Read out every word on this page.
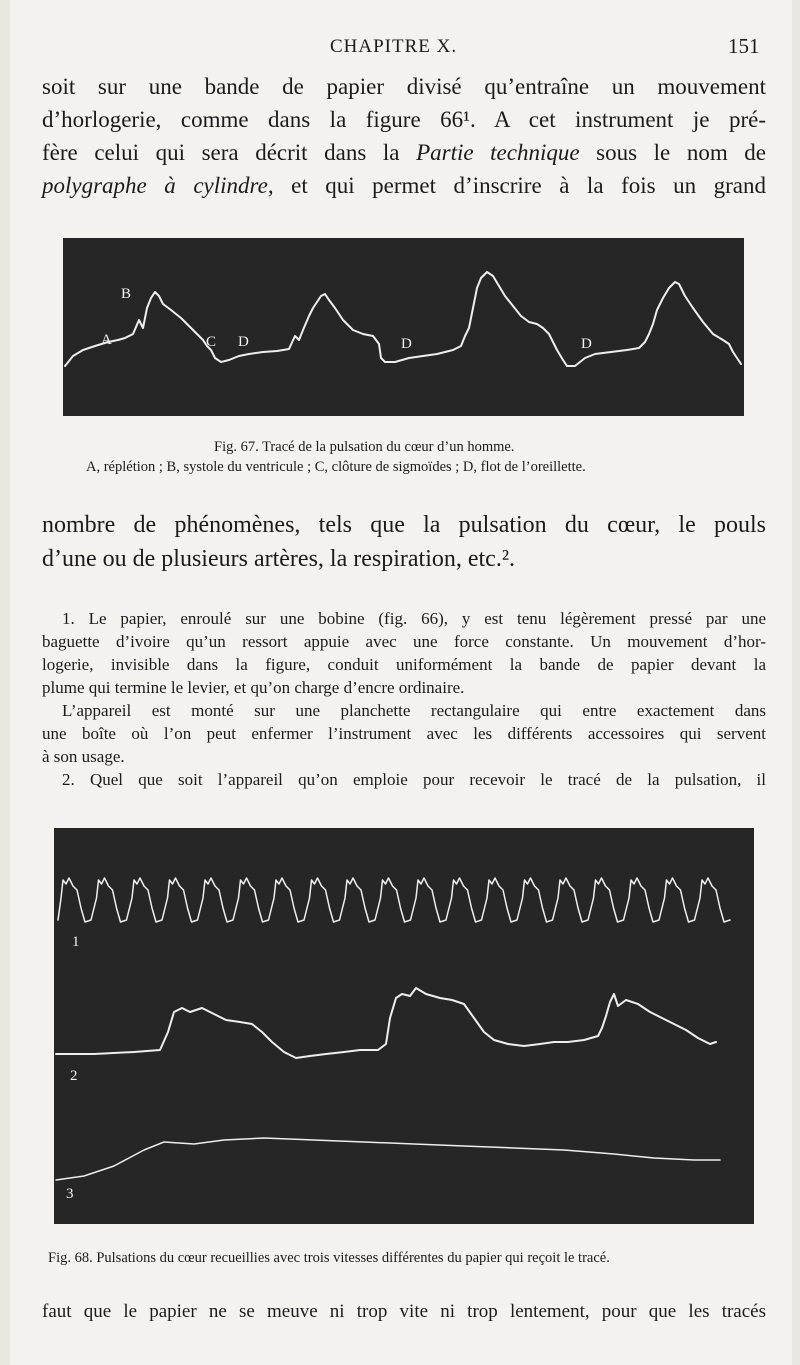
CHAPITRE X.	151
soit sur une bande de papier divisé qu’entraîne un mouvement
d’horlogerie, comme dans la figure 66¹. A cet instrument je pré-
fère celui qui sera décrit dans la Partie technique sous le nom de
polygraphe à cylindre, et qui permet d’inscrire à la fois un grand
B
A	C D	D	D
Fig. 67. Tracé de la pulsation du cœur d’un homme.
A, réplétion ; B, systole du ventricule ; C, clôture de sigmoïdes ; D, flot de l’oreillette.
nombre de phénomènes, tels que la pulsation du cœur, le pouls
d’une ou de plusieurs artères, la respiration, etc.².
1. Le papier, enroulé sur une bobine (fig. 66), y est tenu légèrement pressé par une
baguette d’ivoire qu’un ressort appuie avec une force constante. Un mouvement d’hor-
logerie, invisible dans la figure, conduit uniformément la bande de papier devant la
plume qui termine le levier, et qu’on charge d’encre ordinaire.
L’appareil est monté sur une planchette rectangulaire qui entre exactement dans
une boîte où l’on peut enfermer l’instrument avec les différents accessoires qui servent
à son usage.
2. Quel que soit l’appareil qu’on emploie pour recevoir le tracé de la pulsation, il
1
2
3
Fig. 68. Pulsations du cœur recueillies avec trois vitesses différentes du papier qui reçoit le tracé.
faut que le papier ne se meuve ni trop vite ni trop lentement, pour que les tracés
